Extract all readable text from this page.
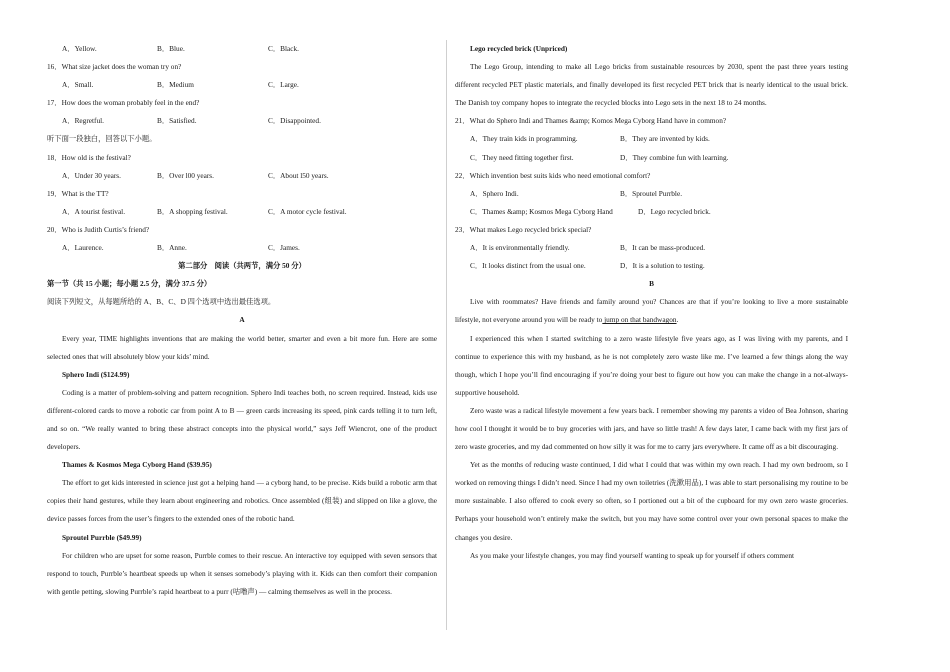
A．Yellow.	B．Blue.	C．Black.

16．What size jacket does the woman try on?

A．Small.	B．Medium	C．Large.

17．How does the woman probably feel in the end?

A．Regretful.	B．Satisfied.	C．Disappointed.

听下面一段独白，回答以下小题。

18．How old is the festival?

A．Under 30 years.	B．Over l00 years.	C．About l50 years.

19．What is the TT?

A．A tourist festival.	B．A shopping festival.	C．A motor cycle festival.

20．Who is Judith Curtis’s friend?

A．Laurence.	B．Anne.	C．James.

第二部分　阅读（共两节，满分 50 分）

第一节（共 15 小题；每小题 2.5 分，满分 37.5 分）

阅读下列短文，从每题所给的 A、B、C、D 四个选项中选出最佳选项。

A

Every year, TIME highlights inventions that are making the world better, smarter and even a bit more fun. Here are some selected ones that will absolutely blow your kids’ mind.

Sphero Indi ($124.99)

Coding is a matter of problem-solving and pattern recognition. Sphero Indi teaches both, no screen required. Instead, kids use different-colored cards to move a robotic car from point A to B — green cards increasing its speed, pink cards telling it to turn left, and so on. “We really wanted to bring these abstract concepts into the physical world,” says Jeff Wiencrot, one of the product developers.

Thames & Kosmos Mega Cyborg Hand ($39.95)

The effort to get kids interested in science just got a helping hand — a cyborg hand, to be precise. Kids build a robotic arm that copies their hand gestures, while they learn about engineering and robotics. Once assembled (组装) and slipped on like a glove, the device passes forces from the user’s fingers to the extended ones of the robotic hand.

Sproutel Purrble ($49.99)

For children who are upset for some reason, Purrble comes to their rescue. An interactive toy equipped with seven sensors that respond to touch, Purrble’s heartbeat speeds up when it senses somebody’s playing with it. Kids can then comfort their companion with gentle petting, slowing Purrble’s rapid heartbeat to a purr (咕噜声) — calming themselves as well in the process.

Lego recycled brick (Unpriced)

The Lego Group, intending to make all Lego bricks from sustainable resources by 2030, spent the past three years testing different recycled PET plastic materials, and finally developed its first recycled PET brick that is nearly identical to the usual brick. The Danish toy company hopes to integrate the recycled blocks into Lego sets in the next 18 to 24 months.

21．What do Sphero Indi and Thames &amp; Komos Mega Cyborg Hand have in common?

A．They train kids in programming.	B．They are invented by kids.
C．They need fitting together first.	D．They combine fun with learning.

22．Which invention best suits kids who need emotional comfort?

A．Sphero Indi.	B．Sproutel Purrble.
C．Thames &amp; Kosmos Mega Cyborg Hand	D．Lego recycled brick.

23．What makes Lego recycled brick special?

A．It is environmentally friendly.	B．It can be mass-produced.
C．It looks distinct from the usual one.	D．It is a solution to testing.

B

Live with roommates? Have friends and family around you? Chances are that if you’re looking to live a more sustainable lifestyle, not everyone around you will be ready to jump on that bandwagon.

I experienced this when I started switching to a zero waste lifestyle five years ago, as I was living with my parents, and I continue to experience this with my husband, as he is not completely zero waste like me. I’ve learned a few things along the way though, which I hope you’ll find encouraging if you’re doing your best to figure out how you can make the change in a not-always-supportive household.

Zero waste was a radical lifestyle movement a few years back. I remember showing my parents a video of Bea Johnson, sharing how cool I thought it would be to buy groceries with jars, and have so little trash! A few days later, I came back with my first jars of zero waste groceries, and my dad commented on how silly it was for me to carry jars everywhere. It came off as a bit discouraging.

Yet as the months of reducing waste continued, I did what I could that was within my own reach. I had my own bedroom, so I worked on removing things I didn’t need. Since I had my own toiletries (洗漱用品), I was able to start personalising my routine to be more sustainable. I also offered to cook every so often, so I portioned out a bit of the cupboard for my own zero waste groceries. Perhaps your household won’t entirely make the switch, but you may have some control over your own personal spaces to make the changes you desire.

As you make your lifestyle changes, you may find yourself wanting to speak up for yourself if others comment
